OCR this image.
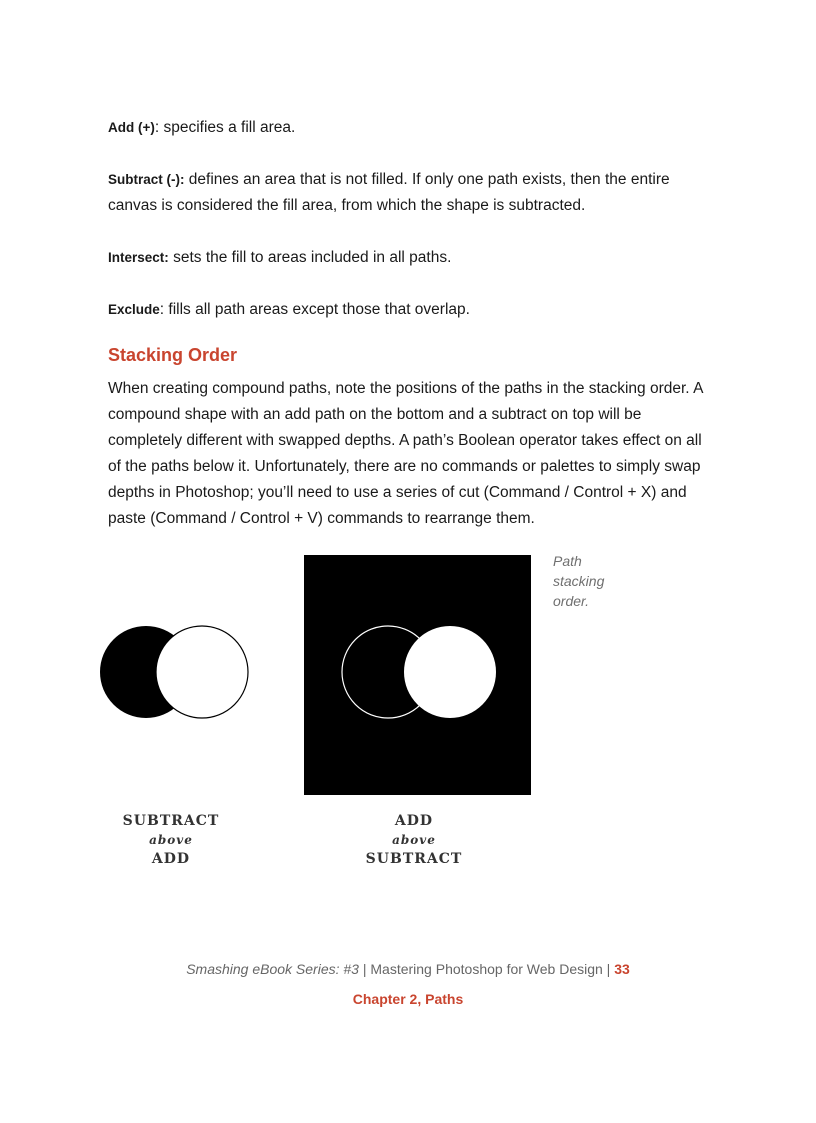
Add (+): specifies a fill area.

Subtract (-): defines an area that is not filled. If only one path exists, then the entire canvas is considered the fill area, from which the shape is subtracted.

Intersect: sets the fill to areas included in all paths.

Exclude: fills all path areas except those that overlap.

Stacking Order

When creating compound paths, note the positions of the paths in the stacking order. A compound shape with an add path on the bottom and a subtract on top will be completely different with swapped depths. A path’s Boolean operator takes effect on all of the paths below it. Unfortunately, there are no commands or palettes to simply swap depths in Photoshop; you’ll need to use a series of cut (Command / Control + X) and paste (Command / Control + V) commands to rearrange them.

Path stacking order.
SUBTRACT
above
ADD
ADD
above
SUBTRACT
Smashing eBook Series: #3 | Mastering Photoshop for Web Design | 33
Chapter 2, Paths
